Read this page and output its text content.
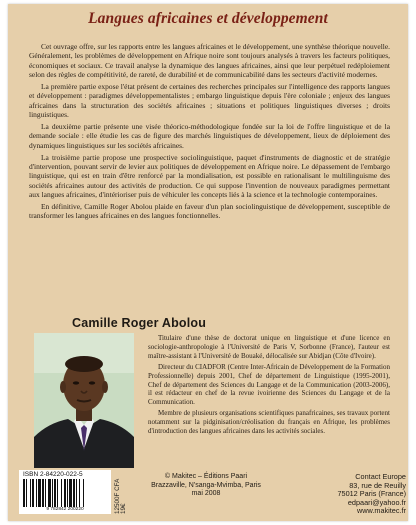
Langues africaines et développement

Cet ouvrage offre, sur les rapports entre les langues africaines et le développement, une synthèse théorique nouvelle. Généralement, les problèmes de développement en Afrique noire sont toujours analysés à travers les facteurs politiques, économiques et sociaux. Ce travail analyse la dynamique des langues africaines, ainsi que leur perpétuel redéploiement selon des règles de compétitivité, de rareté, de durabilité et de communicabilité dans les secteurs d'activité modernes.

La première partie expose l'état présent de certaines des recherches principales sur l'intelligence des rapports langues et développement : paradigmes développementalistes ; embargo linguistique depuis l'ère coloniale ; enjeux des langues africaines dans la structuration des sociétés africaines ; situations et politiques linguistiques diverses ; droits linguistiques.

La deuxième partie présente une visée théorico-méthodologique fondée sur la loi de l'offre linguistique et de la demande sociale : elle étudie les cas de figure des marchés linguistiques de développement, lieux de déploiement des dynamiques linguistiques sur les sociétés africaines.

La troisième partie propose une prospective sociolinguistique, paquet d'instruments de diagnostic et de stratégie d'intervention, pouvant servir de levier aux politiques de développement en Afrique noire. Le dépassement de l'embargo linguistique, qui est en train d'être renforcé par la mondialisation, est possible en rationalisant le multilinguisme des sociétés africaines autour des activités de production. Ce qui suppose l'invention de nouveaux paradigmes permettant aux langues africaines, d'intérioriser puis de véhiculer les concepts liés à la science et la technologie contemporaines.

En définitive, Camille Roger Abolou plaide en faveur d'un plan sociolinguistique de développement, susceptible de transformer les langues africaines en des langues fonctionnelles.

Camille Roger Abolou

Titulaire d'une thèse de doctorat unique en linguistique et d'une licence en sociologie-anthropologie à l'Université de Paris V, Sorbonne (France), l'auteur est maître-assistant à l'Université de Bouaké, délocalisée sur Abidjan (Côte d'Ivoire).

Directeur du CIADFOR (Centre Inter-Africain de Développement de la Formation Professionnelle) depuis 2001, Chef de département de Linguistique (1995-2001), Chef de département des Sciences du Langage et de la Communication (2003-2006), il est rédacteur en chef de la revue ivoirienne des Sciences du Langage et de la Communication.

Membre de plusieurs organisations scientifiques panafricaines, ses travaux portent notamment sur la pidginisation/créolisation du français en Afrique, les problèmes d'introduction des langues africaines dans les activités sociales.

ISBN 2-84220-022-5
9 782842 200220	12500F CFA 19€
© Makitec – Éditions Paari
Brazzaville, N'sanga-Mvimba, Paris
mai 2008
Contact Europe
83, rue de Reuilly
75012 Paris (France)
edpaari@yahoo.fr
www.makitec.fr
